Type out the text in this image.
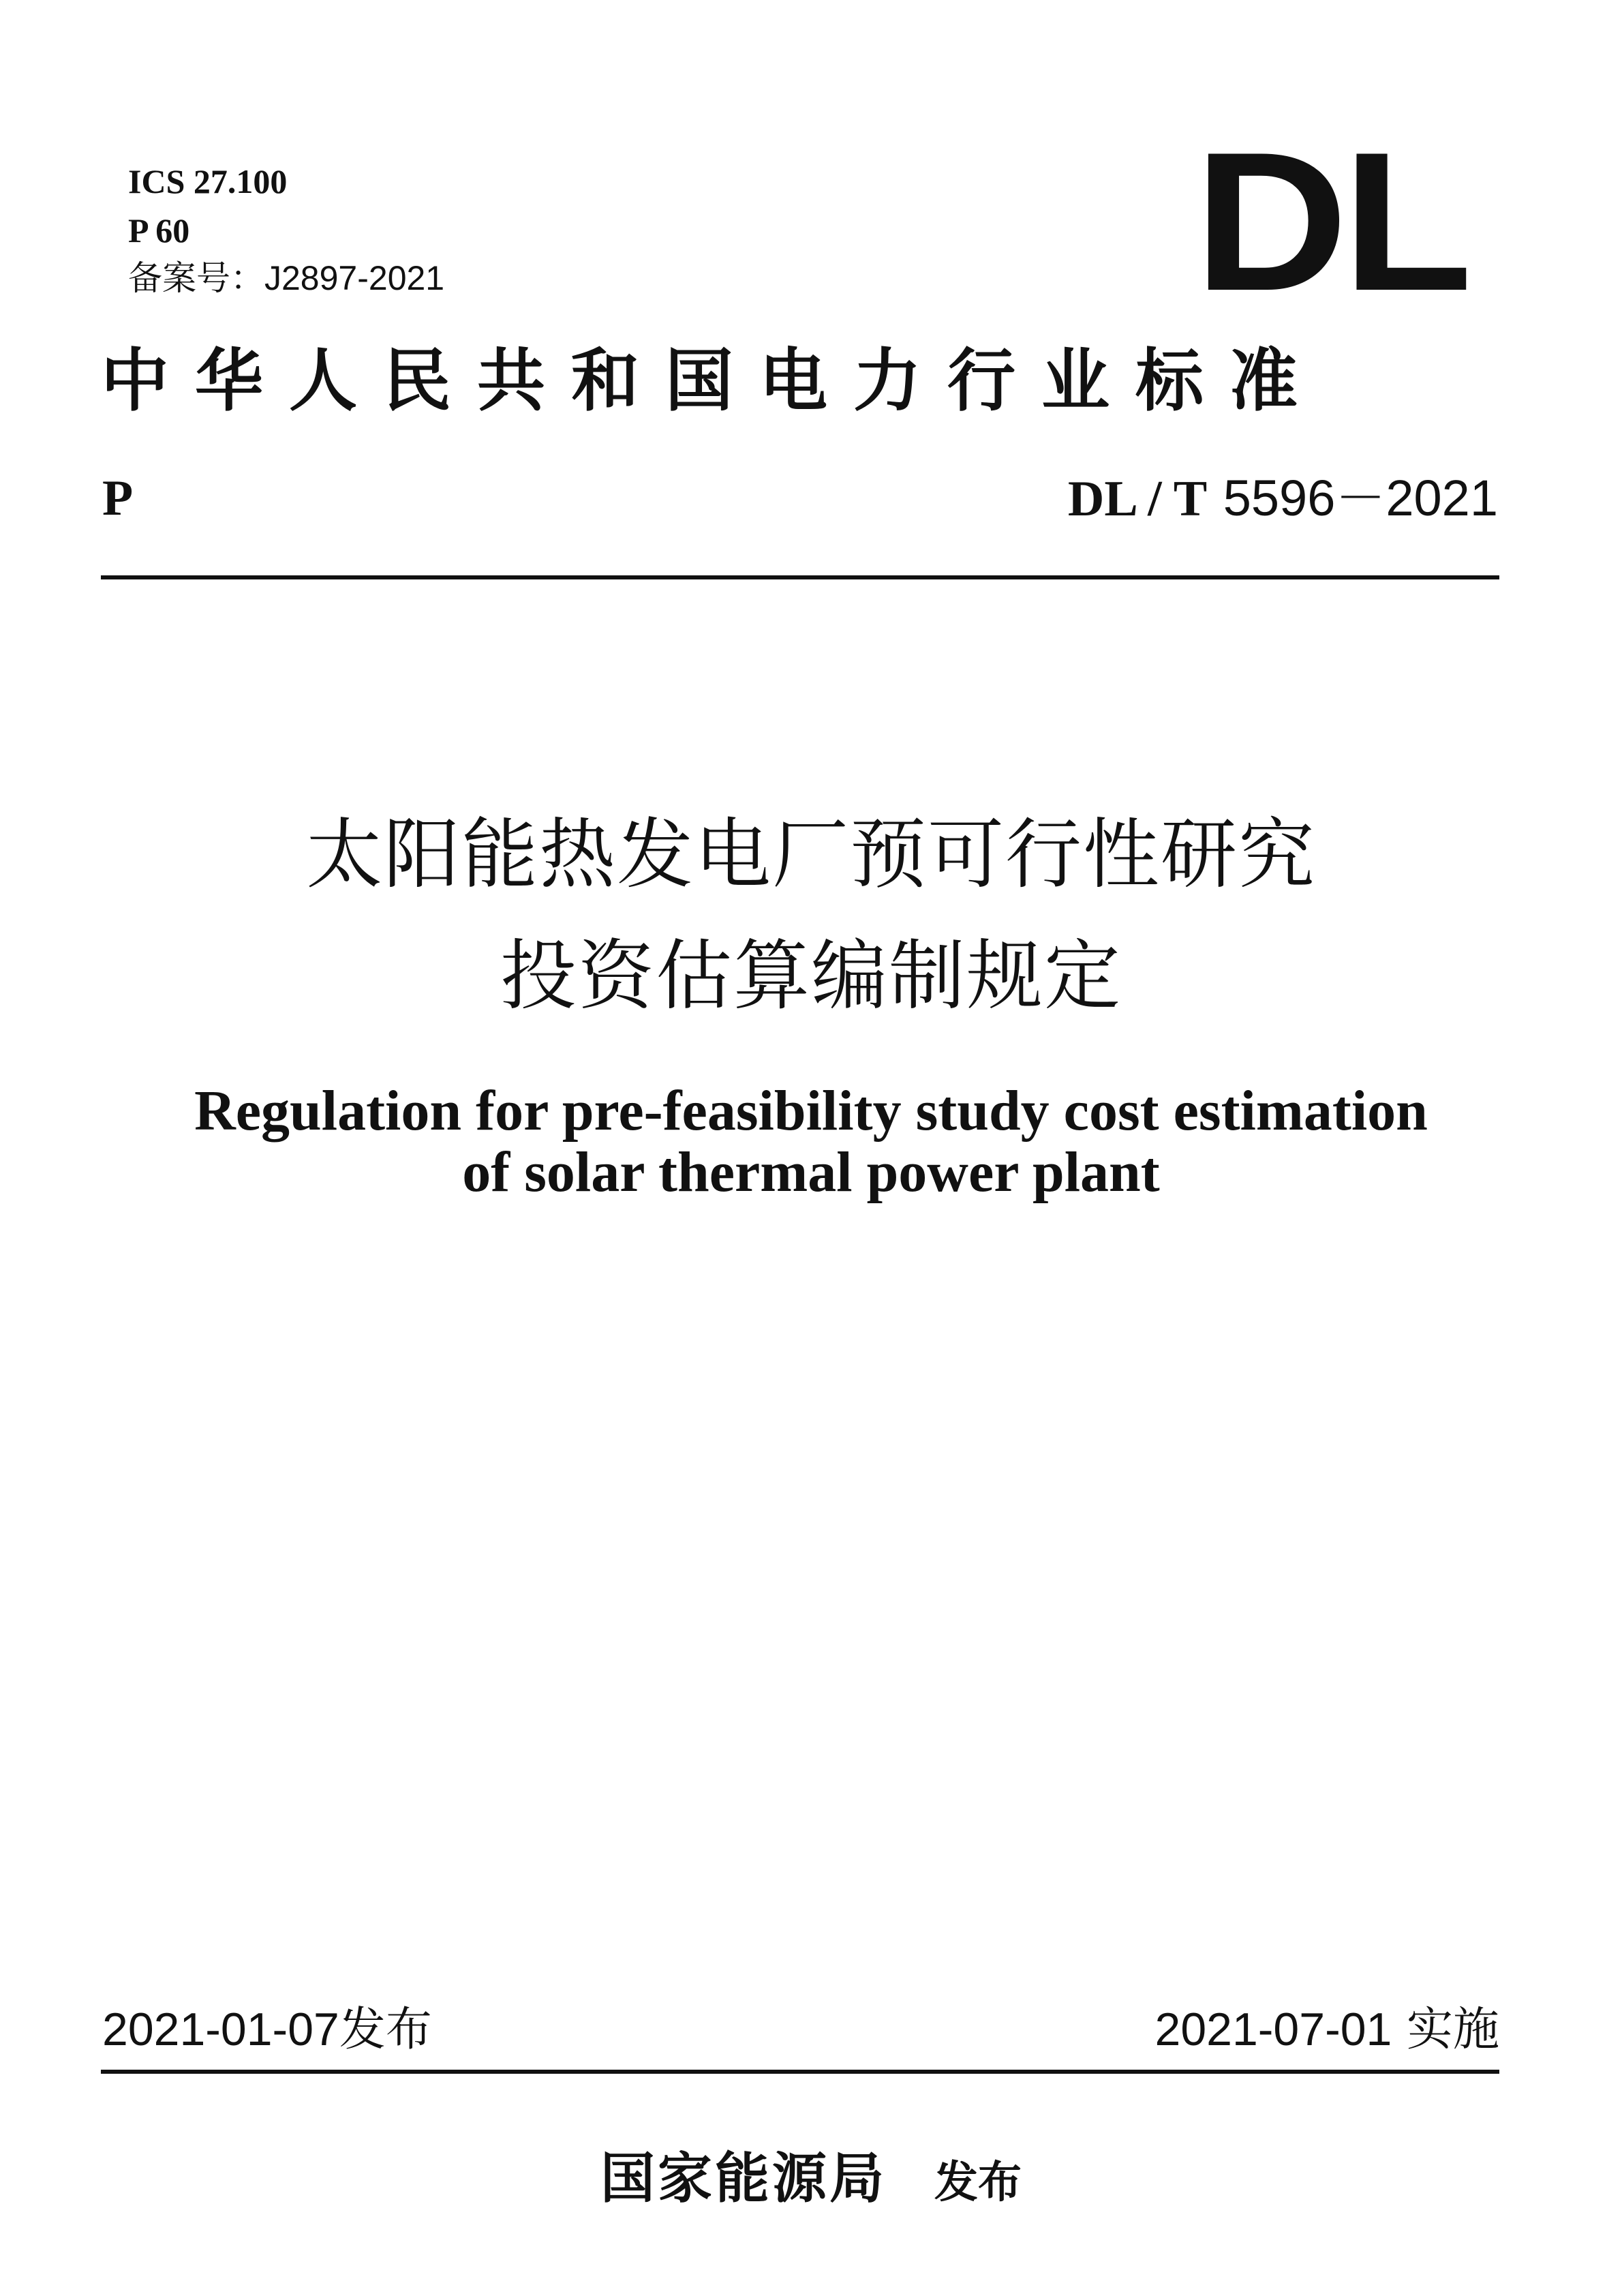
ICS 27.100
P 60
备案号：J2897-2021	DL
中华人民共和国电力行业标准
P	DL / T 5596－2021
太阳能热发电厂预可行性研究
投资估算编制规定
Regulation for pre-feasibility study cost estimation
of solar thermal power plant
2021-01-07发布	2021-07-01 实施
国家能源局 发布
